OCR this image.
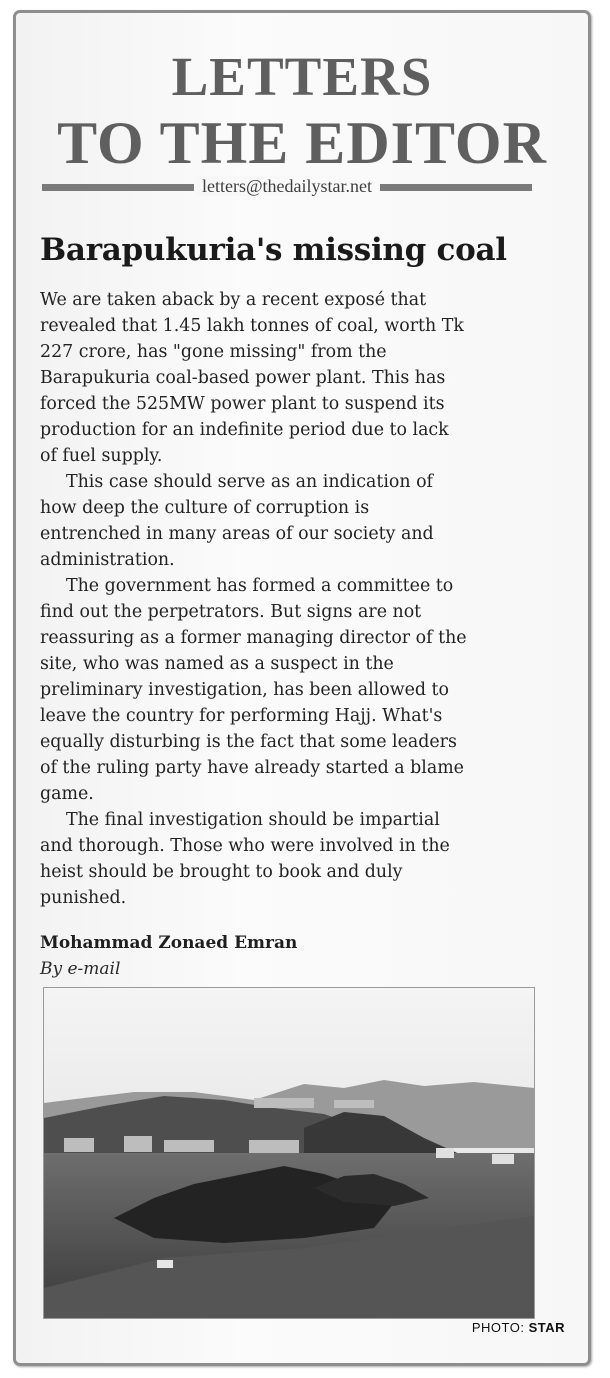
LETTERS
TO THE EDITOR
letters@thedailystar.net
Barapukuria's missing coal

We are taken aback by a recent exposé that
revealed that 1.45 lakh tonnes of coal, worth Tk
227 crore, has "gone missing" from the
Barapukuria coal-based power plant. This has
forced the 525MW power plant to suspend its
production for an indefinite period due to lack
of fuel supply.

This case should serve as an indication of
how deep the culture of corruption is
entrenched in many areas of our society and
administration.

The government has formed a committee to
find out the perpetrators. But signs are not
reassuring as a former managing director of the
site, who was named as a suspect in the
preliminary investigation, has been allowed to
leave the country for performing Hajj. What's
equally disturbing is the fact that some leaders
of the ruling party have already started a blame
game.

The final investigation should be impartial
and thorough. Those who were involved in the
heist should be brought to book and duly
punished.

Mohammad Zonaed Emran
By e-mail
PHOTO: STAR
